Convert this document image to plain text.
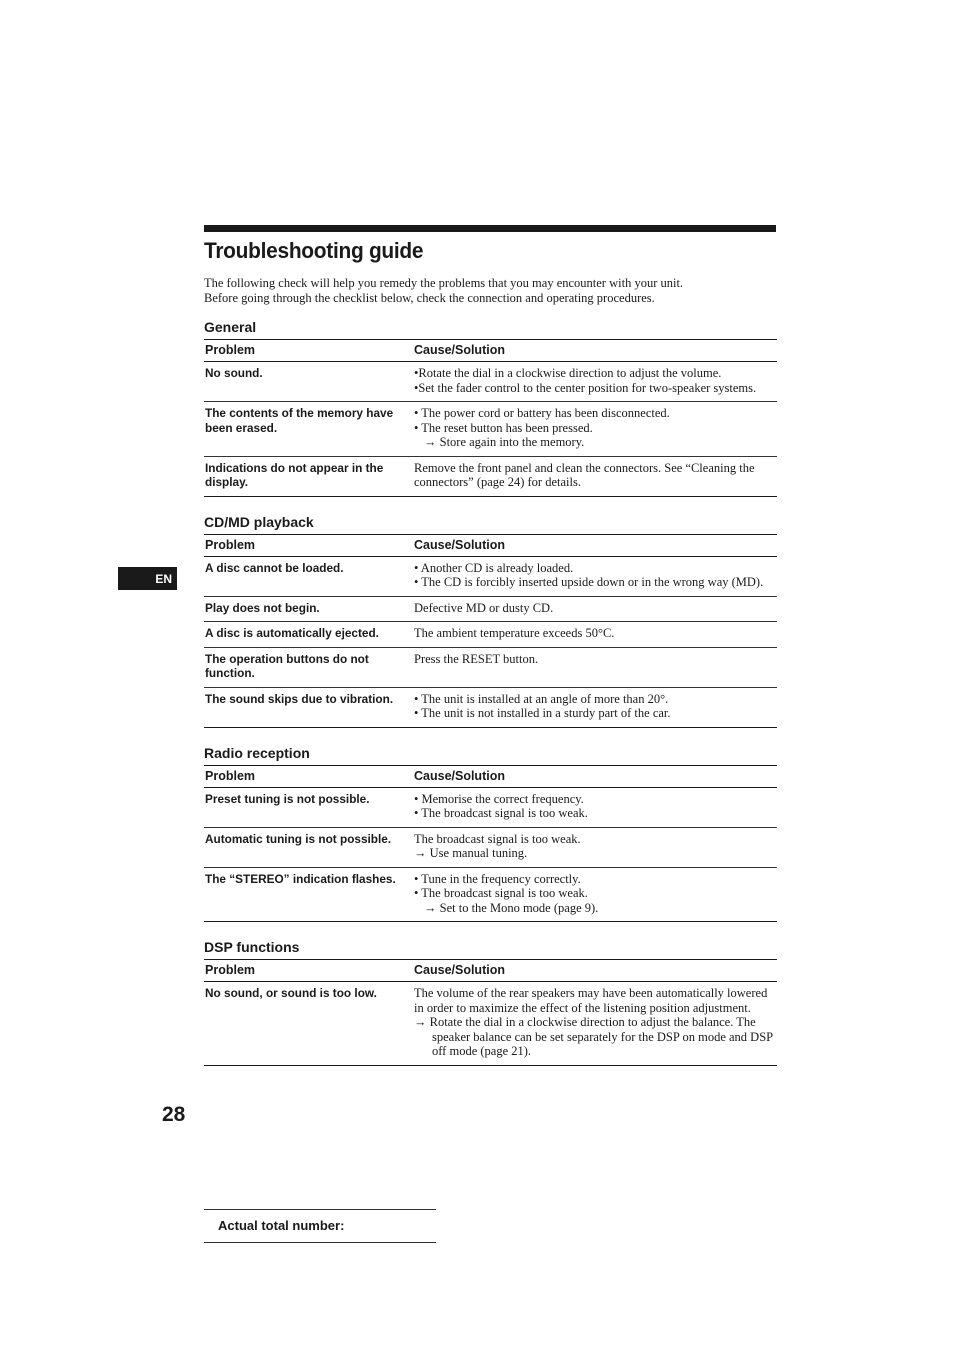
Troubleshooting guide

The following check will help you remedy the problems that you may encounter with your unit.
Before going through the checklist below, check the connection and operating procedures.

General
Problem	Cause/Solution
No sound.	•Rotate the dial in a clockwise direction to adjust the volume.
•Set the fader control to the center position for two-speaker systems.

The contents of the memory have been erased.	• The power cord or battery has been disconnected.
• The reset button has been pressed.
→ Store again into the memory.

Indications do not appear in the display.	Remove the front panel and clean the connectors. See “Cleaning the connectors” (page 24) for details.
CD/MD playback
Problem	Cause/Solution
A disc cannot be loaded.	• Another CD is already loaded.
• The CD is forcibly inserted upside down or in the wrong way (MD).

Play does not begin.	Defective MD or dusty CD.

A disc is automatically ejected.	The ambient temperature exceeds 50°C.

The operation buttons do not function.	Press the RESET button.

The sound skips due to vibration.	• The unit is installed at an angle of more than 20°.
• The unit is not installed in a sturdy part of the car.
Radio reception
Problem	Cause/Solution
Preset tuning is not possible.	• Memorise the correct frequency.
• The broadcast signal is too weak.

Automatic tuning is not possible.	The broadcast signal is too weak.
→ Use manual tuning.

The “STEREO” indication flashes.	• Tune in the frequency correctly.
• The broadcast signal is too weak.
→ Set to the Mono mode (page 9).
DSP functions
Problem	Cause/Solution
No sound, or sound is too low.	The volume of the rear speakers may have been automatically lowered in order to maximize the effect of the listening position adjustment.
→ Rotate the dial in a clockwise direction to adjust the balance. The speaker balance can be set separately for the DSP on mode and DSP off mode (page 21).
EN
28
Actual total number:
